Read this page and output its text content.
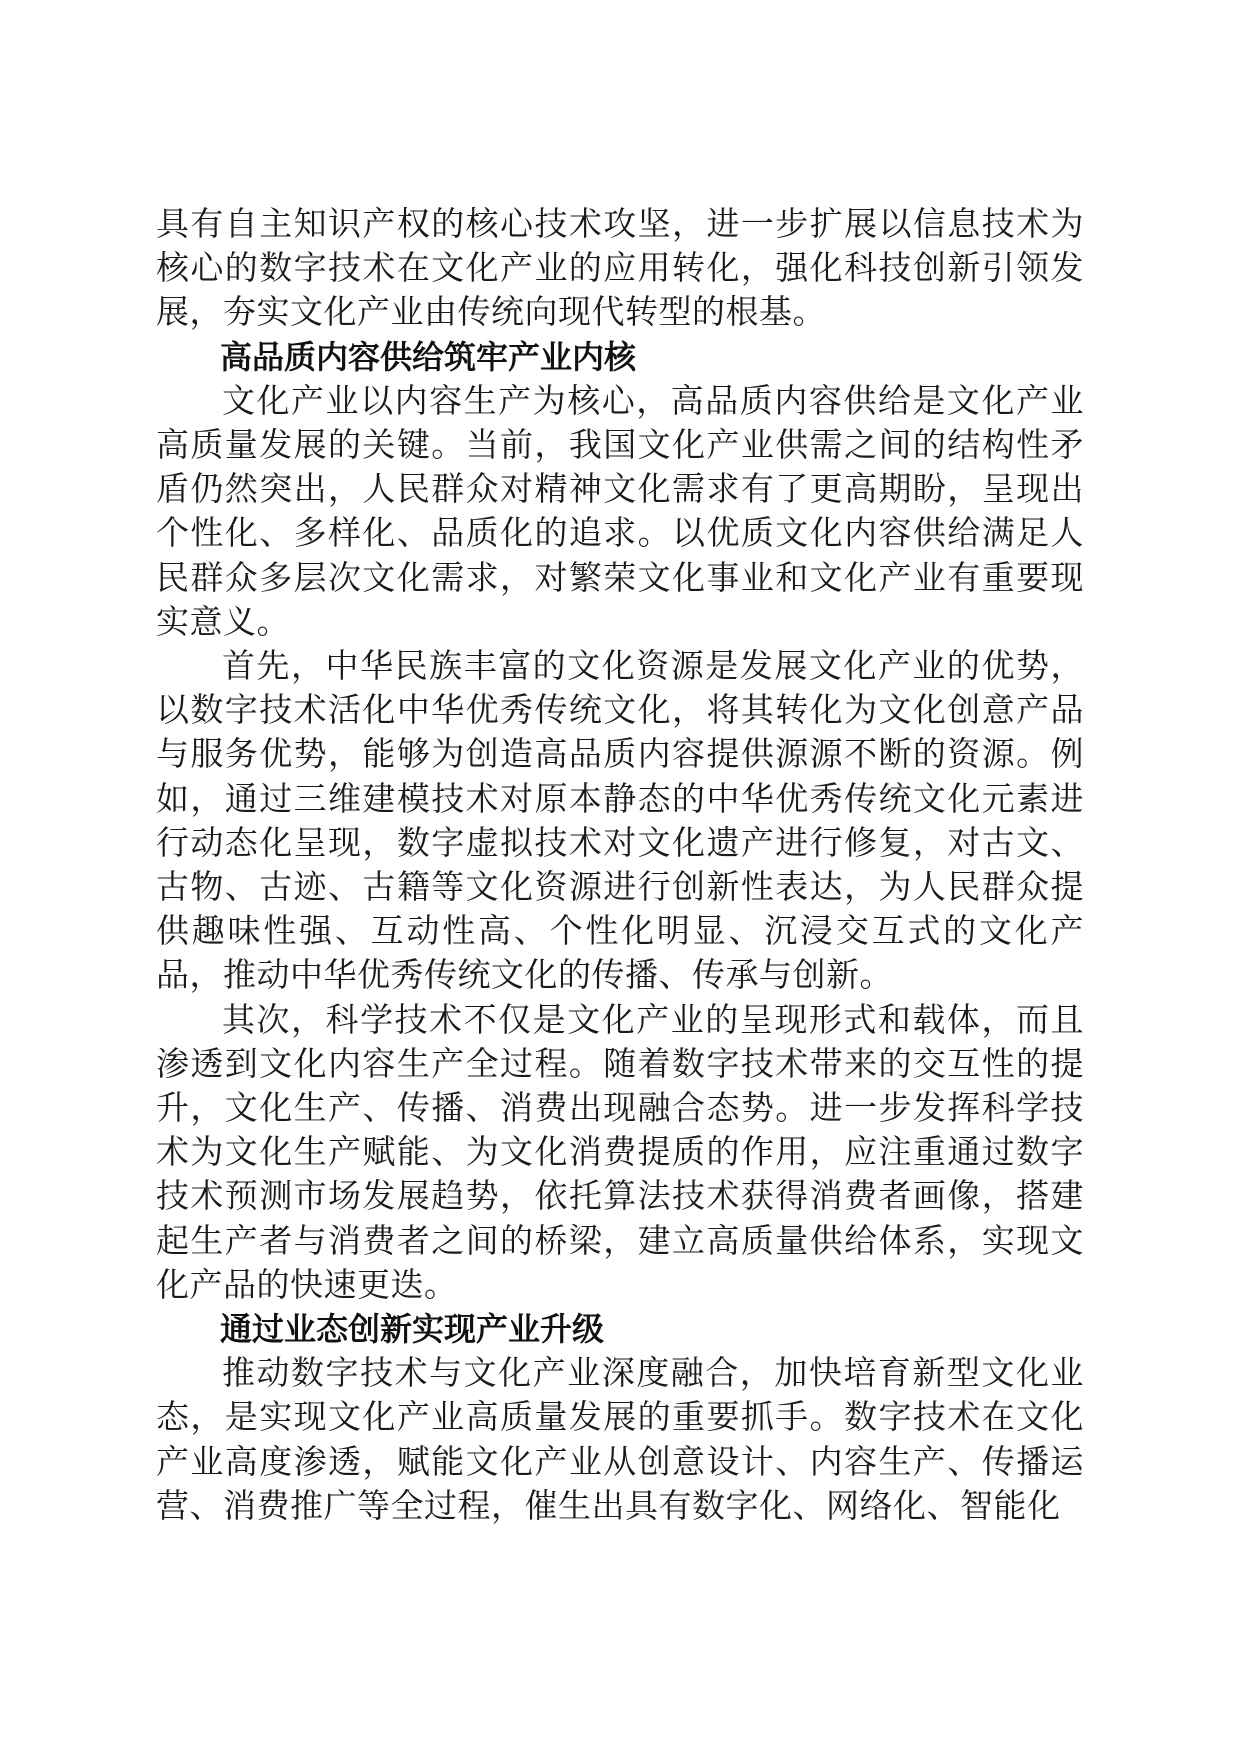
具有自主知识产权的核心技术攻坚，进一步扩展以信息技术为核心的数字技术在文化产业的应用转化，强化科技创新引领发展，夯实文化产业由传统向现代转型的根基。

高品质内容供给筑牢产业内核

文化产业以内容生产为核心，高品质内容供给是文化产业高质量发展的关键。当前，我国文化产业供需之间的结构性矛盾仍然突出，人民群众对精神文化需求有了更高期盼，呈现出个性化、多样化、品质化的追求。以优质文化内容供给满足人民群众多层次文化需求，对繁荣文化事业和文化产业有重要现实意义。

首先，中华民族丰富的文化资源是发展文化产业的优势，以数字技术活化中华优秀传统文化，将其转化为文化创意产品与服务优势，能够为创造高品质内容提供源源不断的资源。例如，通过三维建模技术对原本静态的中华优秀传统文化元素进行动态化呈现，数字虚拟技术对文化遗产进行修复，对古文、古物、古迹、古籍等文化资源进行创新性表达，为人民群众提供趣味性强、互动性高、个性化明显、沉浸交互式的文化产品，推动中华优秀传统文化的传播、传承与创新。

其次，科学技术不仅是文化产业的呈现形式和载体，而且渗透到文化内容生产全过程。随着数字技术带来的交互性的提升，文化生产、传播、消费出现融合态势。进一步发挥科学技术为文化生产赋能、为文化消费提质的作用，应注重通过数字技术预测市场发展趋势，依托算法技术获得消费者画像，搭建起生产者与消费者之间的桥梁，建立高质量供给体系，实现文化产品的快速更迭。

通过业态创新实现产业升级

推动数字技术与文化产业深度融合，加快培育新型文化业态，是实现文化产业高质量发展的重要抓手。数字技术在文化产业高度渗透，赋能文化产业从创意设计、内容生产、传播运营、消费推广等全过程，催生出具有数字化、网络化、智能化
